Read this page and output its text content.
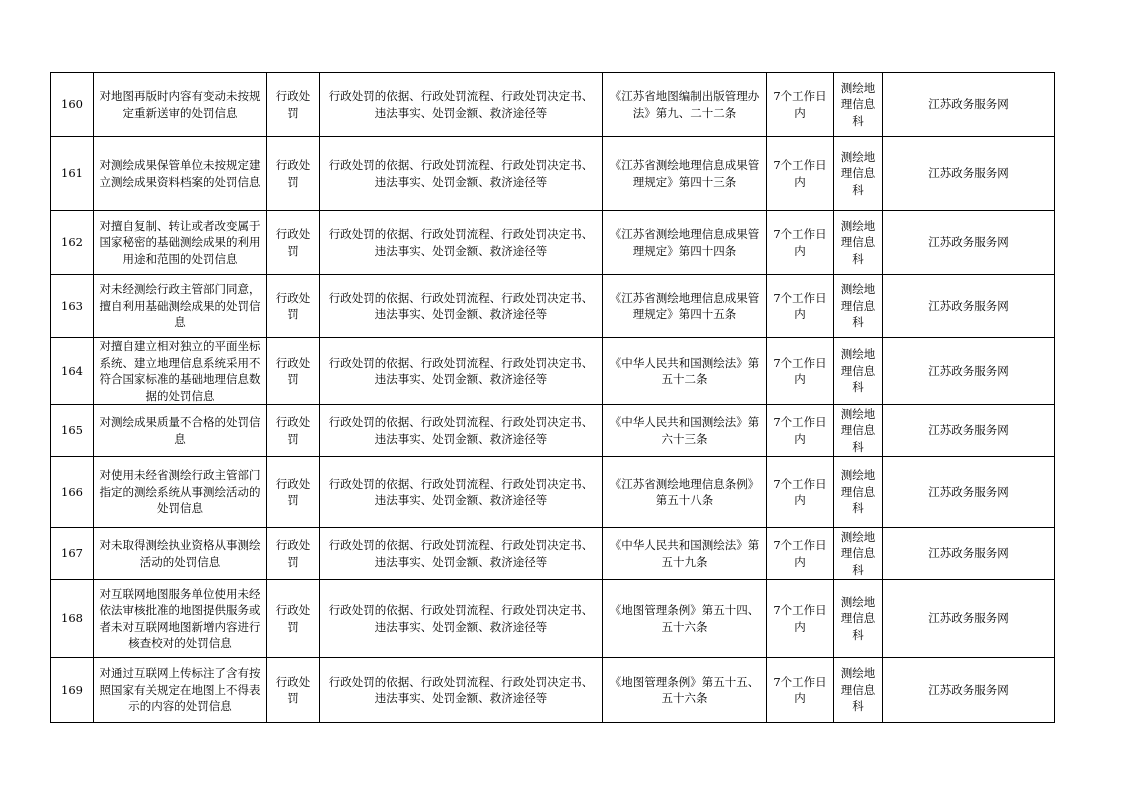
160	对地图再版时内容有变动未按规定重新送审的处罚信息	行政处罚	行政处罚的依据、行政处罚流程、行政处罚决定书、违法事实、处罚金额、救济途径等	《江苏省地图编制出版管理办法》第九、二十二条	7个工作日内	测绘地理信息科	江苏政务服务网
161	对测绘成果保管单位未按规定建立测绘成果资料档案的处罚信息	行政处罚	行政处罚的依据、行政处罚流程、行政处罚决定书、违法事实、处罚金额、救济途径等	《江苏省测绘地理信息成果管理规定》第四十三条	7个工作日内	测绘地理信息科	江苏政务服务网
162	对擅自复制、转让或者改变属于国家秘密的基础测绘成果的利用用途和范围的处罚信息	行政处罚	行政处罚的依据、行政处罚流程、行政处罚决定书、违法事实、处罚金额、救济途径等	《江苏省测绘地理信息成果管理规定》第四十四条	7个工作日内	测绘地理信息科	江苏政务服务网
163	对未经测绘行政主管部门同意，擅自利用基础测绘成果的处罚信息	行政处罚	行政处罚的依据、行政处罚流程、行政处罚决定书、违法事实、处罚金额、救济途径等	《江苏省测绘地理信息成果管理规定》第四十五条	7个工作日内	测绘地理信息科	江苏政务服务网
164	对擅自建立相对独立的平面坐标系统、建立地理信息系统采用不符合国家标准的基础地理信息数据的处罚信息	行政处罚	行政处罚的依据、行政处罚流程、行政处罚决定书、违法事实、处罚金额、救济途径等	《中华人民共和国测绘法》第五十二条	7个工作日内	测绘地理信息科	江苏政务服务网
165	对测绘成果质量不合格的处罚信息	行政处罚	行政处罚的依据、行政处罚流程、行政处罚决定书、违法事实、处罚金额、救济途径等	《中华人民共和国测绘法》第六十三条	7个工作日内	测绘地理信息科	江苏政务服务网
166	对使用未经省测绘行政主管部门指定的测绘系统从事测绘活动的处罚信息	行政处罚	行政处罚的依据、行政处罚流程、行政处罚决定书、违法事实、处罚金额、救济途径等	《江苏省测绘地理信息条例》第五十八条	7个工作日内	测绘地理信息科	江苏政务服务网
167	对未取得测绘执业资格从事测绘活动的处罚信息	行政处罚	行政处罚的依据、行政处罚流程、行政处罚决定书、违法事实、处罚金额、救济途径等	《中华人民共和国测绘法》第五十九条	7个工作日内	测绘地理信息科	江苏政务服务网
168	对互联网地图服务单位使用未经依法审核批准的地图提供服务或者未对互联网地图新增内容进行核查校对的处罚信息	行政处罚	行政处罚的依据、行政处罚流程、行政处罚决定书、违法事实、处罚金额、救济途径等	《地图管理条例》第五十四、五十六条	7个工作日内	测绘地理信息科	江苏政务服务网
169	对通过互联网上传标注了含有按照国家有关规定在地图上不得表示的内容的处罚信息	行政处罚	行政处罚的依据、行政处罚流程、行政处罚决定书、违法事实、处罚金额、救济途径等	《地图管理条例》第五十五、五十六条	7个工作日内	测绘地理信息科	江苏政务服务网
